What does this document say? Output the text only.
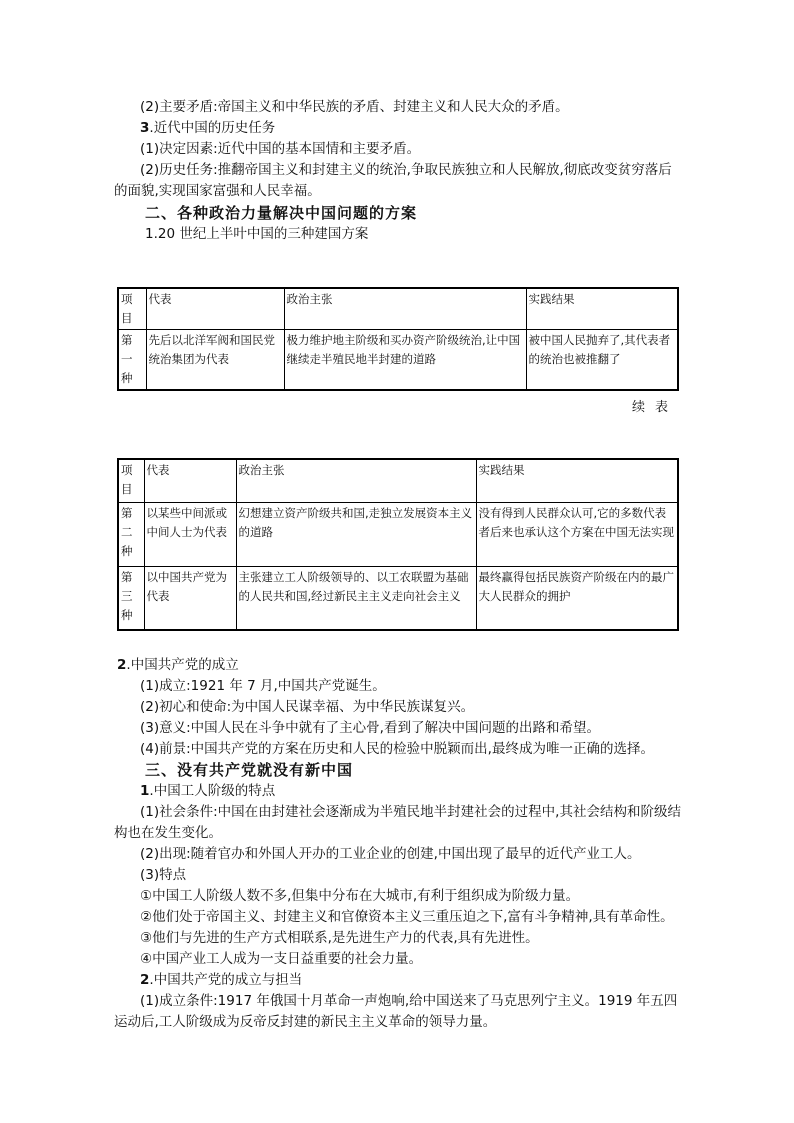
(2)主要矛盾:帝国主义和中华民族的矛盾、封建主义和人民大众的矛盾。
3.近代中国的历史任务
(1)决定因素:近代中国的基本国情和主要矛盾。
(2)历史任务:推翻帝国主义和封建主义的统治,争取民族独立和人民解放,彻底改变贫穷落后的面貌,实现国家富强和人民幸福。
二、各种政治力量解决中国问题的方案
1.20 世纪上半叶中国的三种建国方案
项目	代表	政治主张	实践结果
第一种	先后以北洋军阀和国民党统治集团为代表	极力维护地主阶级和买办资产阶级统治,让中国继续走半殖民地半封建的道路	被中国人民抛弃了,其代表者的统治也被推翻了
续表
项目	代表	政治主张	实践结果
第二种	以某些中间派或中间人士为代表	幻想建立资产阶级共和国,走独立发展资本主义的道路	没有得到人民群众认可,它的多数代表者后来也承认这个方案在中国无法实现
第三种	以中国共产党为代表	主张建立工人阶级领导的、以工农联盟为基础的人民共和国,经过新民主主义走向社会主义	最终赢得包括民族资产阶级在内的最广大人民群众的拥护
2.中国共产党的成立
(1)成立:1921 年 7 月,中国共产党诞生。
(2)初心和使命:为中国人民谋幸福、为中华民族谋复兴。
(3)意义:中国人民在斗争中就有了主心骨,看到了解决中国问题的出路和希望。
(4)前景:中国共产党的方案在历史和人民的检验中脱颖而出,最终成为唯一正确的选择。
三、没有共产党就没有新中国
1.中国工人阶级的特点
(1)社会条件:中国在由封建社会逐渐成为半殖民地半封建社会的过程中,其社会结构和阶级结构也在发生变化。
(2)出现:随着官办和外国人开办的工业企业的创建,中国出现了最早的近代产业工人。
(3)特点
①中国工人阶级人数不多,但集中分布在大城市,有利于组织成为阶级力量。
②他们处于帝国主义、封建主义和官僚资本主义三重压迫之下,富有斗争精神,具有革命性。
③他们与先进的生产方式相联系,是先进生产力的代表,具有先进性。
④中国产业工人成为一支日益重要的社会力量。
2.中国共产党的成立与担当
(1)成立条件:1917 年俄国十月革命一声炮响,给中国送来了马克思列宁主义。1919 年五四运动后,工人阶级成为反帝反封建的新民主主义革命的领导力量。
